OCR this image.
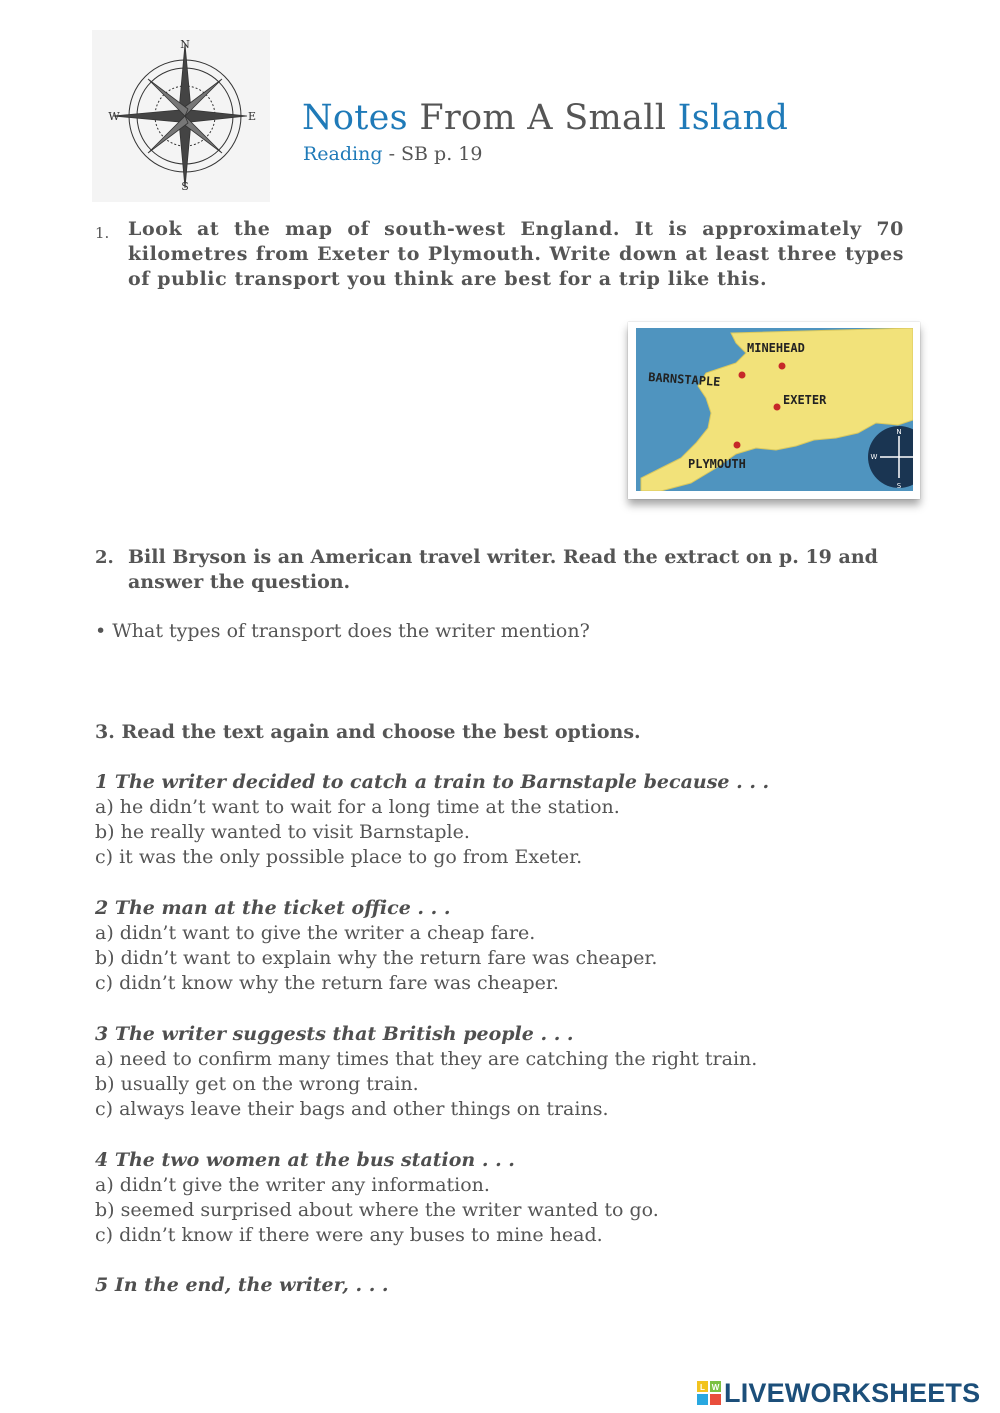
N
S
W	E Notes From A Small Island
Reading - SB p. 19
1. Look at the map of south-west England. It is approximately 70 kilometres from Exeter to Plymouth. Write down at least three types of public transport you think are best for a trip like this.
MINEHEAD
BARNSTAPLE
EXETER
PLYMOUTH
N
S
W
2. Bill Bryson is an American travel writer. Read the extract on p. 19 and answer the question.
• What types of transport does the writer mention?
3. Read the text again and choose the best options.
1 The writer decided to catch a train to Barnstaple because . . .
a) he didn’t want to wait for a long time at the station.
b) he really wanted to visit Barnstaple.
c) it was the only possible place to go from Exeter.
2 The man at the ticket office . . .
a) didn’t want to give the writer a cheap fare.
b) didn’t want to explain why the return fare was cheaper.
c) didn’t know why the return fare was cheaper.
3 The writer suggests that British people . . .
a) need to confirm many times that they are catching the right train.
b) usually get on the wrong train.
c) always leave their bags and other things on trains.
4 The two women at the bus station . . .
a) didn’t give the writer any information.
b) seemed surprised about where the writer wanted to go.
c) didn’t know if there were any buses to mine head.
5 In the end, the writer, . . .
L W LIVEWORKSHEETS
